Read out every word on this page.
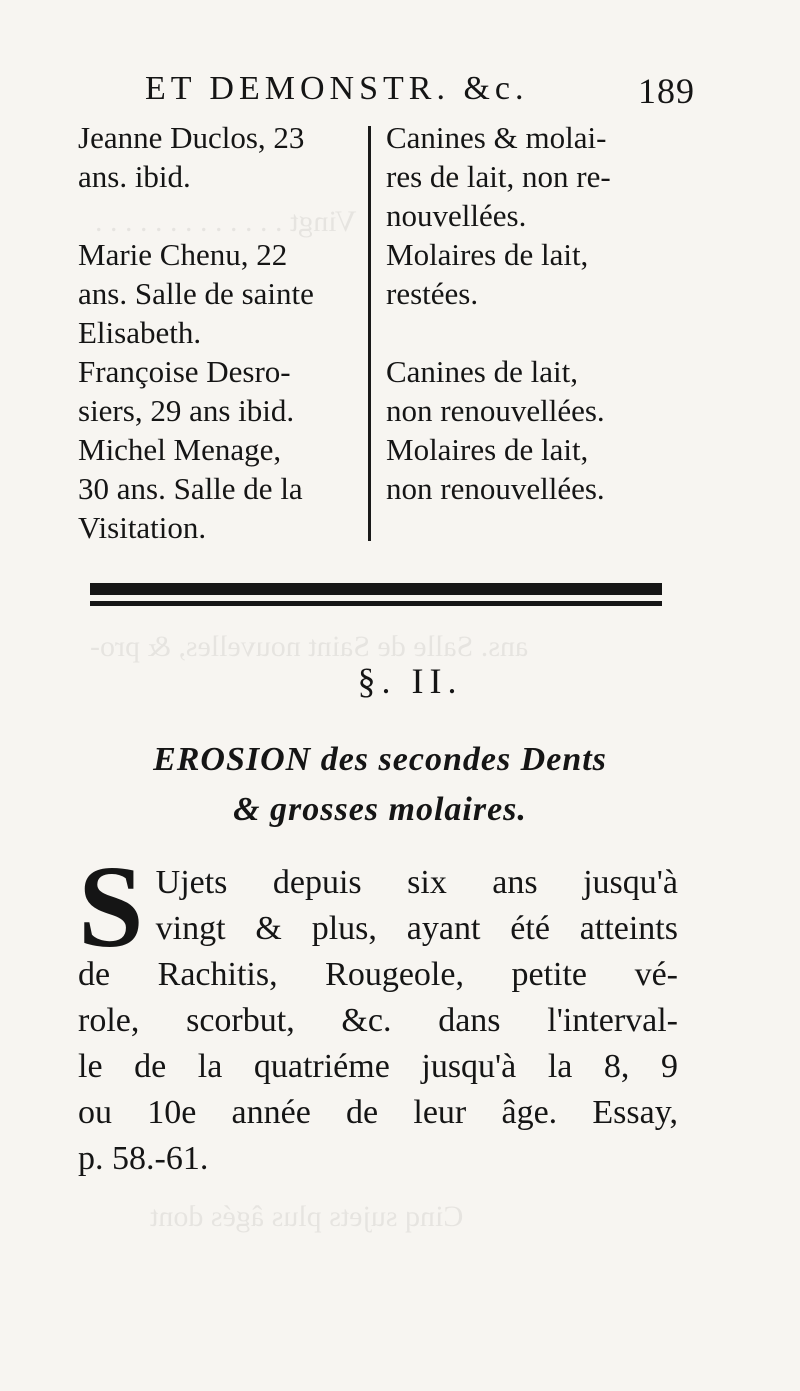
Vingt . . . . . . . . . . . . .
ans. Salle de Saint nouvelles, & pro-
Cinq sujets plus âgés dont
ET DEMONSTR. &c.	189
Jeanne Duclos, 23
ans. ibid.
Marie Chenu, 22
ans. Salle de sainte
Elisabeth.
Françoise Desro-
siers, 29 ans ibid.
Michel Menage,
30 ans. Salle de la
Visitation.
Canines & molai-
res de lait, non re-
nouvellées.
Molaires de lait,
restées.
Canines de lait,
non renouvellées.
Molaires de lait,
non renouvellées.
§. II.
EROSION des secondes Dents
& grosses molaires.
S Ujets depuis six ans jusqu'à
vingt & plus, ayant été atteints
de Rachitis, Rougeole, petite vé-
role, scorbut, &c. dans l'interval-
le de la quatriéme jusqu'à la 8, 9
ou 10e année de leur âge. Essay,
p. 58.-61.
